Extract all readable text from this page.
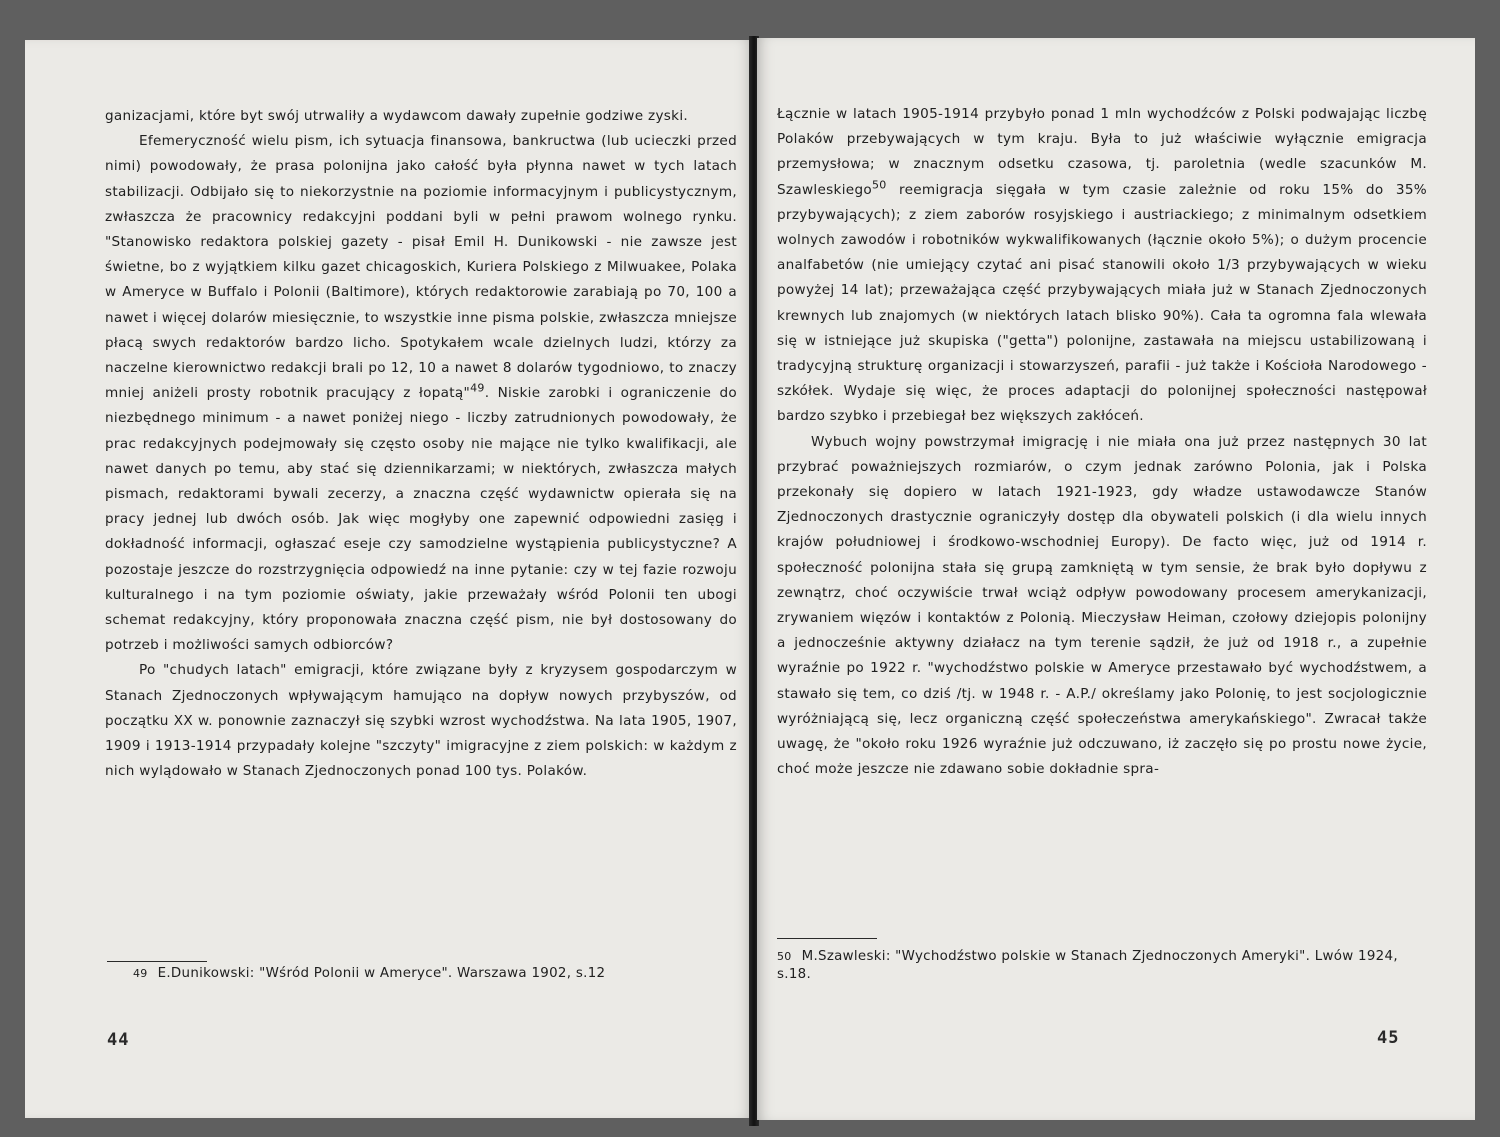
ganizacjami, które byt swój utrwaliły a wydawcom dawały zupełnie godziwe zyski.

Efemeryczność wielu pism, ich sytuacja finansowa, bankructwa (lub ucieczki przed nimi) powodowały, że prasa polonijna jako całość była płynna nawet w tych latach stabilizacji. Odbijało się to niekorzystnie na poziomie informacyjnym i publicystycznym, zwłaszcza że pracownicy redakcyjni poddani byli w pełni prawom wolnego rynku. "Stanowisko redaktora polskiej gazety - pisał Emil H. Dunikowski - nie zawsze jest świetne, bo z wyjątkiem kilku gazet chicagoskich, Kuriera Polskiego z Milwuakee, Polaka w Ameryce w Buffalo i Polonii (Baltimore), których redaktorowie zarabiają po 70, 100 a nawet i więcej dolarów miesięcznie, to wszystkie inne pisma polskie, zwłaszcza mniejsze płacą swych redaktorów bardzo licho. Spotykałem wcale dzielnych ludzi, którzy za naczelne kierownictwo redakcji brali po 12, 10 a nawet 8 dolarów tygodniowo, to znaczy mniej aniżeli prosty robotnik pracujący z łopatą"$^{49}$. Niskie zarobki i ograniczenie do niezbędnego minimum - a nawet poniżej niego - liczby zatrudnionych powodowały, że prac redakcyjnych podejmowały się często osoby nie mające nie tylko kwalifikacji, ale nawet danych po temu, aby stać się dziennikarzami; w niektórych, zwłaszcza małych pismach, redaktorami bywali zecerzy, a znaczna część wydawnictw opierała się na pracy jednej lub dwóch osób. Jak więc mogłyby one zapewnić odpowiedni zasięg i dokładność informacji, ogłaszać eseje czy samodzielne wystąpienia publicystyczne? A pozostaje jeszcze do rozstrzygnięcia odpowiedź na inne pytanie: czy w tej fazie rozwoju kulturalnego i na tym poziomie oświaty, jakie przeważały wśród Polonii ten ubogi schemat redakcyjny, który proponowała znaczna część pism, nie był dostosowany do potrzeb i możliwości samych odbiorców?

Po "chudych latach" emigracji, które związane były z kryzysem gospodarczym w Stanach Zjednoczonych wpływającym hamująco na dopływ nowych przybyszów, od początku XX w. ponownie zaznaczył się szybki wzrost wychodźstwa. Na lata 1905, 1907, 1909 i 1913-1914 przypadały kolejne "szczyty" imigracyjne z ziem polskich: w każdym z nich wylądowało w Stanach Zjednoczonych ponad 100 tys. Polaków.

49 E.Dunikowski: "Wśród Polonii w Ameryce". Warszawa 1902, s.12
44

Łącznie w latach 1905-1914 przybyło ponad 1 mln wychodźców z Polski podwajając liczbę Polaków przebywających w tym kraju. Była to już właściwie wyłącznie emigracja przemysłowa; w znacznym odsetku czasowa, tj. paroletnia (wedle szacunków M. Szawleskiego$^{50}$ reemigracja sięgała w tym czasie zależnie od roku 15% do 35% przybywających); z ziem zaborów rosyjskiego i austriackiego; z minimalnym odsetkiem wolnych zawodów i robotników wykwalifikowanych (łącznie około 5%); o dużym procencie analfabetów (nie umiejący czytać ani pisać stanowili około 1/3 przybywających w wieku powyżej 14 lat); przeważająca część przybywających miała już w Stanach Zjednoczonych krewnych lub znajomych (w niektórych latach blisko 90%). Cała ta ogromna fala wlewała się w istniejące już skupiska ("getta") polonijne, zastawała na miejscu ustabilizowaną i tradycyjną strukturę organizacji i stowarzyszeń, parafii - już także i Kościoła Narodowego - szkółek. Wydaje się więc, że proces adaptacji do polonijnej społeczności następował bardzo szybko i przebiegał bez większych zakłóceń.

Wybuch wojny powstrzymał imigrację i nie miała ona już przez następnych 30 lat przybrać poważniejszych rozmiarów, o czym jednak zarówno Polonia, jak i Polska przekonały się dopiero w latach 1921-1923, gdy władze ustawodawcze Stanów Zjednoczonych drastycznie ograniczyły dostęp dla obywateli polskich (i dla wielu innych krajów południowej i środkowo-wschodniej Europy). De facto więc, już od 1914 r. społeczność polonijna stała się grupą zamkniętą w tym sensie, że brak było dopływu z zewnątrz, choć oczywiście trwał wciąż odpływ powodowany procesem amerykanizacji, zrywaniem więzów i kontaktów z Polonią. Mieczysław Heiman, czołowy dziejopis polonijny a jednocześnie aktywny działacz na tym terenie sądził, że już od 1918 r., a zupełnie wyraźnie po 1922 r. "wychodźstwo polskie w Ameryce przestawało być wychodźstwem, a stawało się tem, co dziś /tj. w 1948 r. - A.P./ określamy jako Polonię, to jest socjologicznie wyróżniającą się, lecz organiczną część społeczeństwa amerykańskiego". Zwracał także uwagę, że "około roku 1926 wyraźnie już odczuwano, iż zaczęło się po prostu nowe życie, choć może jeszcze nie zdawano sobie dokładnie spra-

50 M.Szawleski: "Wychodźstwo polskie w Stanach Zjednoczonych Ameryki". Lwów 1924, s.18.
45
